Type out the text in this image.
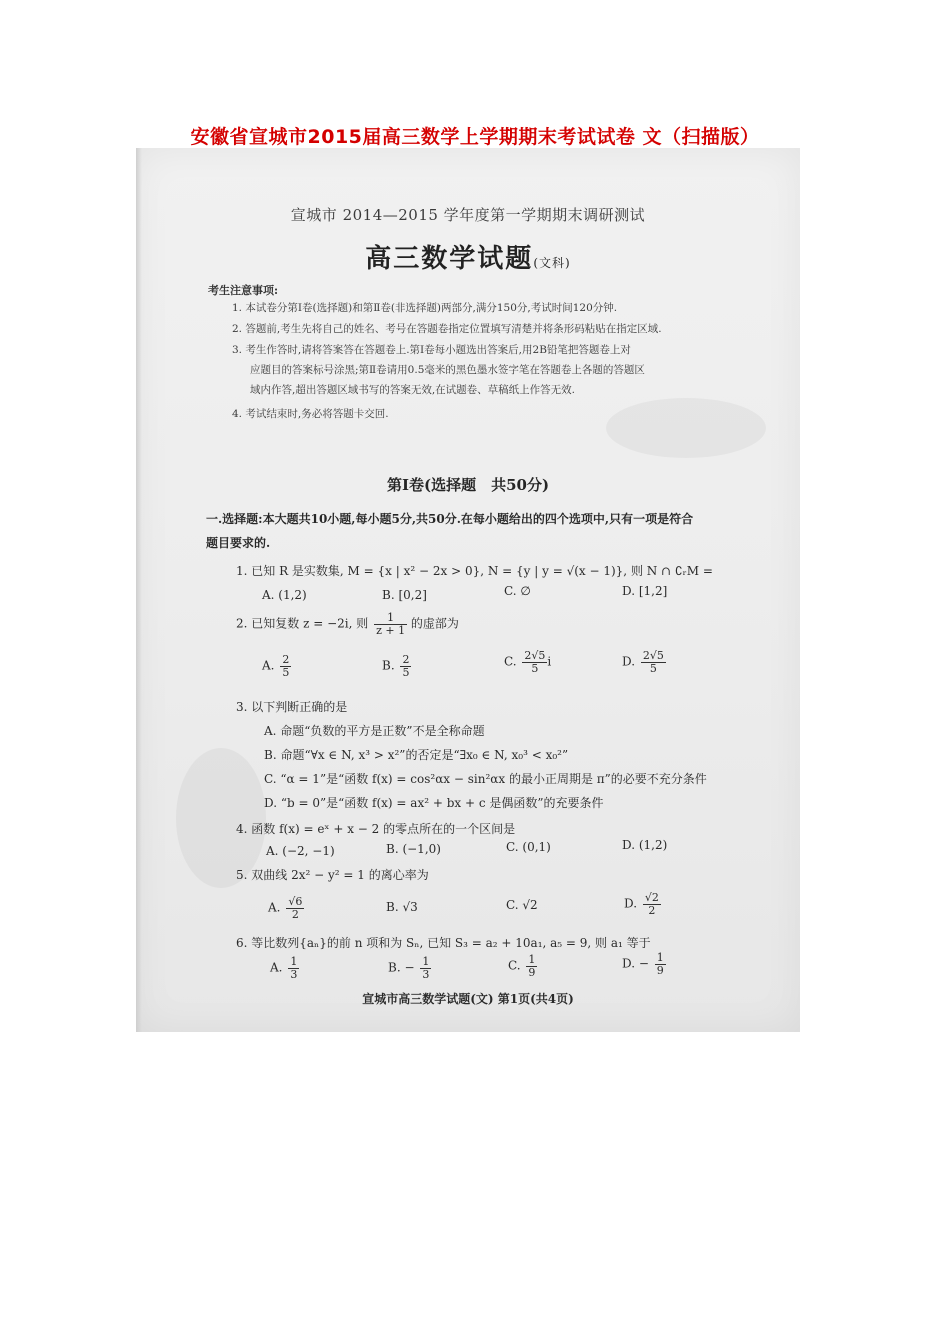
安徽省宣城市2015届高三数学上学期期末考试试卷 文（扫描版）
宣城市 2014—2015 学年度第一学期期末调研测试
高三数学试题(文科)
考生注意事项:
1. 本试卷分第Ⅰ卷(选择题)和第Ⅱ卷(非选择题)两部分,满分150分,考试时间120分钟.
2. 答题前,考生先将自己的姓名、考号在答题卷指定位置填写清楚并将条形码粘贴在指定区域.
3. 考生作答时,请将答案答在答题卷上.第Ⅰ卷每小题选出答案后,用2B铅笔把答题卷上对
应题目的答案标号涂黑;第Ⅱ卷请用0.5毫米的黑色墨水签字笔在答题卷上各题的答题区
域内作答,超出答题区域书写的答案无效,在试题卷、草稿纸上作答无效.
4. 考试结束时,务必将答题卡交回.
第Ⅰ卷(选择题　共50分)
一.选择题:本大题共10小题,每小题5分,共50分.在每小题给出的四个选项中,只有一项是符合
题目要求的.
1. 已知 R 是实数集, M = {x | x² − 2x > 0}, N = {y | y = √(x − 1)}, 则 N ∩ ∁ᵣM =
A. (1,2)	B. [0,2]	C. ∅	D. [1,2]
2. 已知复数 z = −2i, 则 $\frac{1}{z + 1}$ 的虚部为
A. $\frac{2}{5}$	B. $\frac{2}{5}$	C. $\frac{2√5}{5}$ i	D. $\frac{2√5}{5}$
3. 以下判断正确的是
A. 命题“负数的平方是正数”不是全称命题
B. 命题“∀x ∈ N, x³ > x²”的否定是“∃x₀ ∈ N, x₀³ < x₀²”
C. “α = 1”是“函数 f(x) = cos²αx − sin²αx 的最小正周期是 π”的必要不充分条件
D. “b = 0”是“函数 f(x) = ax² + bx + c 是偶函数”的充要条件
4. 函数 f(x) = eˣ + x − 2 的零点所在的一个区间是
A. (−2, −1)	B. (−1,0)	C. (0,1)	D. (1,2)
5. 双曲线 2x² − y² = 1 的离心率为
A. $\frac{√6}{2}$	B. √3	C. √2	D. $\frac{√2}{2}$
6. 等比数列{aₙ}的前 n 项和为 Sₙ, 已知 S₃ = a₂ + 10a₁, a₅ = 9, 则 a₁ 等于
A. $\frac{1}{3}$	B. − $\frac{1}{3}$	C. $\frac{1}{9}$	D. − $\frac{1}{9}$
宣城市高三数学试题(文) 第1页(共4页)
